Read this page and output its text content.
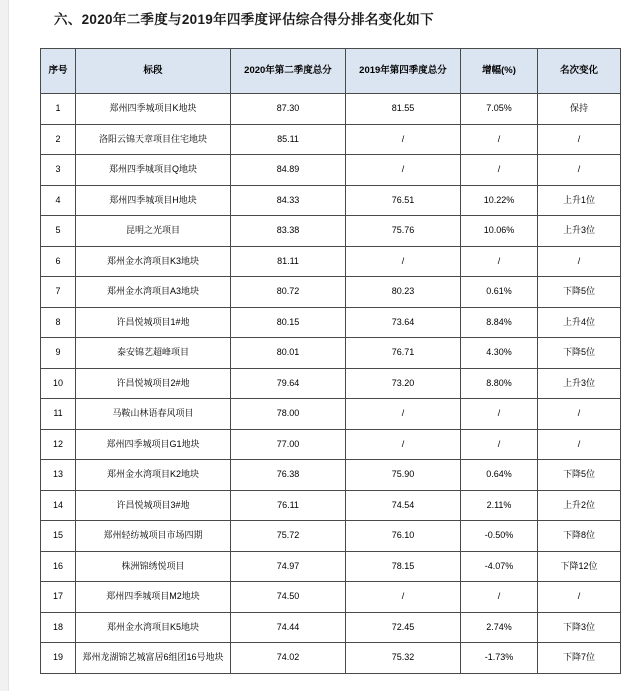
六、2020年二季度与2019年四季度评估综合得分排名变化如下
序号	标段	2020年第二季度总分	2019年第四季度总分	增幅(%)	名次变化
1	郑州四季城项目K地块	87.30	81.55	7.05%	保持
2	洛阳云锦天章项目住宅地块	85.11	/	/	/
3	郑州四季城项目Q地块	84.89	/	/	/
4	郑州四季城项目H地块	84.33	76.51	10.22%	上升1位
5	昆明之光项目	83.38	75.76	10.06%	上升3位
6	郑州金水湾项目K3地块	81.11	/	/	/
7	郑州金水湾项目A3地块	80.72	80.23	0.61%	下降5位
8	许昌悦城项目1#地	80.15	73.64	8.84%	上升4位
9	泰安锦艺超峰项目	80.01	76.71	4.30%	下降5位
10	许昌悦城项目2#地	79.64	73.20	8.80%	上升3位
11	马鞍山林语春风项目	78.00	/	/	/
12	郑州四季城项目G1地块	77.00	/	/	/
13	郑州金水湾项目K2地块	76.38	75.90	0.64%	下降5位
14	许昌悦城项目3#地	76.11	74.54	2.11%	上升2位
15	郑州轻纺城项目市场四期	75.72	76.10	-0.50%	下降8位
16	株洲锦绣悦项目	74.97	78.15	-4.07%	下降12位
17	郑州四季城项目M2地块	74.50	/	/	/
18	郑州金水湾项目K5地块	74.44	72.45	2.74%	下降3位
19	郑州龙湖锦艺城富居6组团16号地块	74.02	75.32	-1.73%	下降7位
